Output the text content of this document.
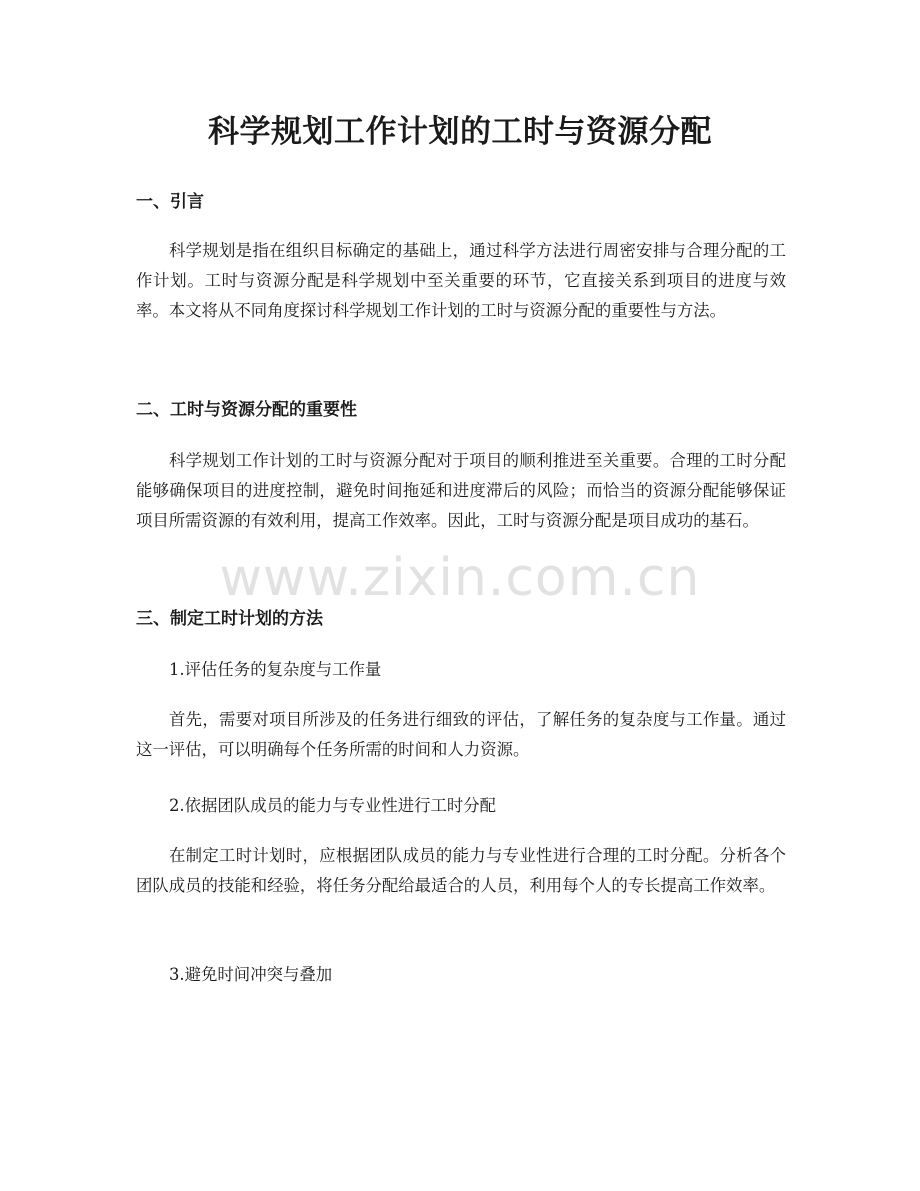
科学规划工作计划的工时与资源分配
一、引言

科学规划是指在组织目标确定的基础上，通过科学方法进行周密安排与合理分配的工作计划。工时与资源分配是科学规划中至关重要的环节，它直接关系到项目的进度与效率。本文将从不同角度探讨科学规划工作计划的工时与资源分配的重要性与方法。

二、工时与资源分配的重要性

科学规划工作计划的工时与资源分配对于项目的顺利推进至关重要。合理的工时分配能够确保项目的进度控制，避免时间拖延和进度滞后的风险；而恰当的资源分配能够保证项目所需资源的有效利用，提高工作效率。因此，工时与资源分配是项目成功的基石。

三、制定工时计划的方法

1.评估任务的复杂度与工作量

首先，需要对项目所涉及的任务进行细致的评估，了解任务的复杂度与工作量。通过这一评估，可以明确每个任务所需的时间和人力资源。

2.依据团队成员的能力与专业性进行工时分配

在制定工时计划时，应根据团队成员的能力与专业性进行合理的工时分配。分析各个团队成员的技能和经验，将任务分配给最适合的人员，利用每个人的专长提高工作效率。

3.避免时间冲突与叠加

www.zixin.com.cn
